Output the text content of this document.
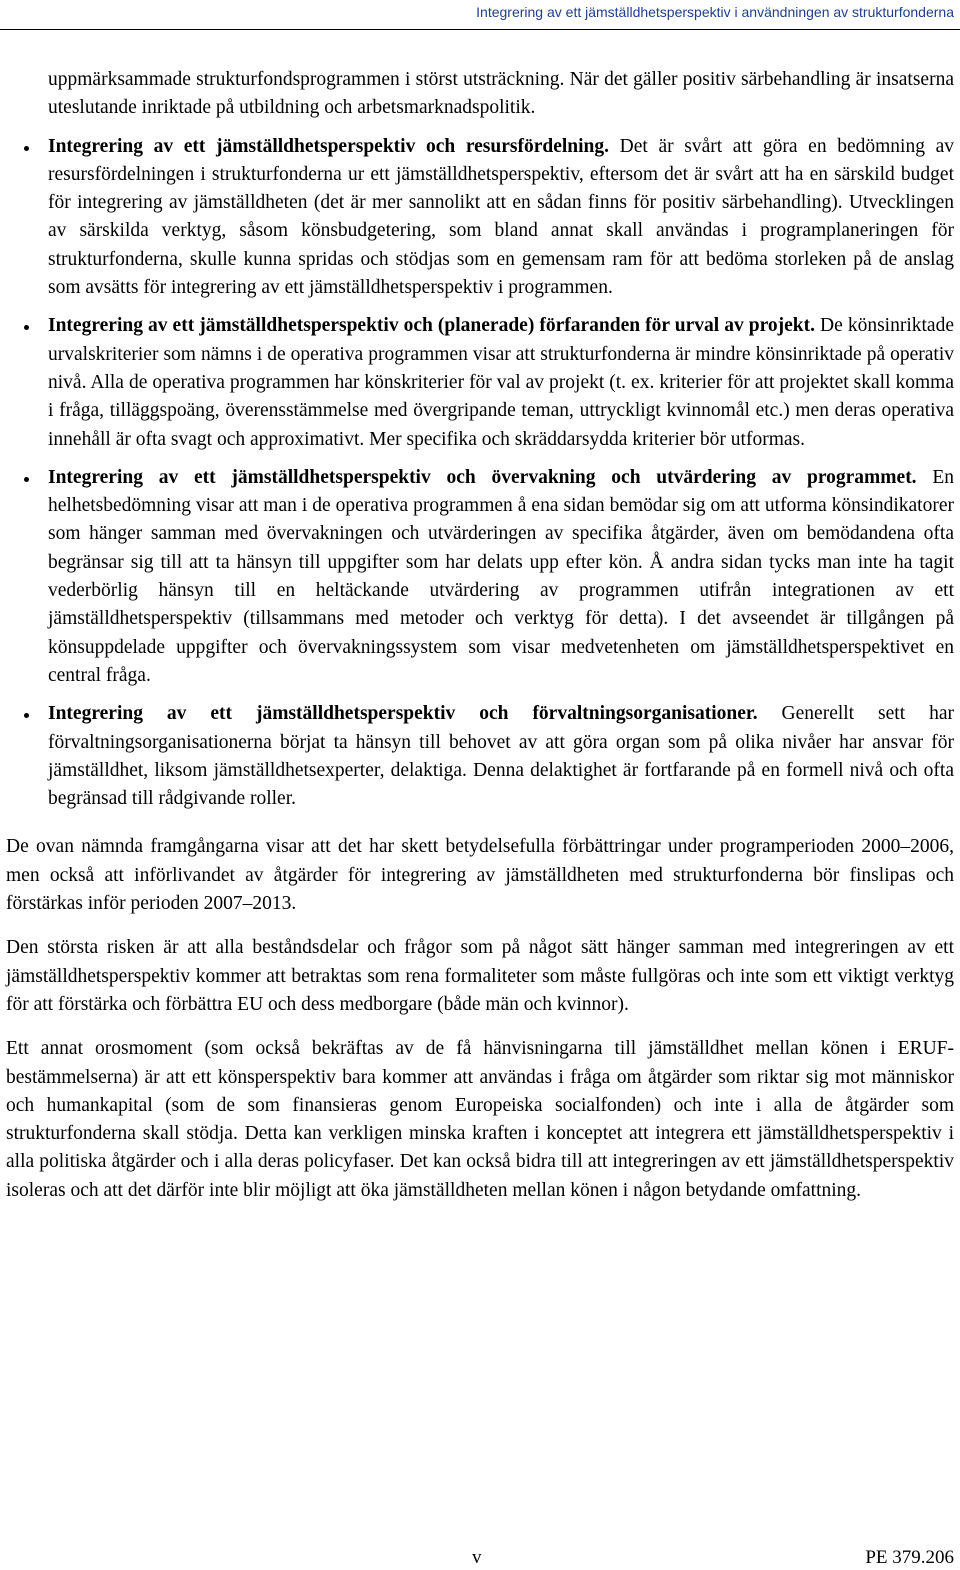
Integrering av ett jämställdhetsperspektiv i användningen av strukturfonderna

uppmärksammade strukturfondsprogrammen i störst utsträckning. När det gäller positiv särbehandling är insatserna uteslutande inriktade på utbildning och arbetsmarknadspolitik.

Integrering av ett jämställdhetsperspektiv och resursfördelning. Det är svårt att göra en bedömning av resursfördelningen i strukturfonderna ur ett jämställdhetsperspektiv, eftersom det är svårt att ha en särskild budget för integrering av jämställdheten (det är mer sannolikt att en sådan finns för positiv särbehandling). Utvecklingen av särskilda verktyg, såsom könsbudgetering, som bland annat skall användas i programplaneringen för strukturfonderna, skulle kunna spridas och stödjas som en gemensam ram för att bedöma storleken på de anslag som avsätts för integrering av ett jämställdhetsperspektiv i programmen.
Integrering av ett jämställdhetsperspektiv och (planerade) förfaranden för urval av projekt. De könsinriktade urvalskriterier som nämns i de operativa programmen visar att strukturfonderna är mindre könsinriktade på operativ nivå. Alla de operativa programmen har könskriterier för val av projekt (t. ex. kriterier för att projektet skall komma i fråga, tilläggspoäng, överensstämmelse med övergripande teman, uttryckligt kvinnomål etc.) men deras operativa innehåll är ofta svagt och approximativt. Mer specifika och skräddarsydda kriterier bör utformas.
Integrering av ett jämställdhetsperspektiv och övervakning och utvärdering av programmet. En helhetsbedömning visar att man i de operativa programmen å ena sidan bemödar sig om att utforma könsindikatorer som hänger samman med övervakningen och utvärderingen av specifika åtgärder, även om bemödandena ofta begränsar sig till att ta hänsyn till uppgifter som har delats upp efter kön. Å andra sidan tycks man inte ha tagit vederbörlig hänsyn till en heltäckande utvärdering av programmen utifrån integrationen av ett jämställdhetsperspektiv (tillsammans med metoder och verktyg för detta). I det avseendet är tillgången på könsuppdelade uppgifter och övervakningssystem som visar medvetenheten om jämställdhetsperspektivet en central fråga.
Integrering av ett jämställdhetsperspektiv och förvaltningsorganisationer. Generellt sett har förvaltningsorganisationerna börjat ta hänsyn till behovet av att göra organ som på olika nivåer har ansvar för jämställdhet, liksom jämställdhetsexperter, delaktiga. Denna delaktighet är fortfarande på en formell nivå och ofta begränsad till rådgivande roller.

De ovan nämnda framgångarna visar att det har skett betydelsefulla förbättringar under programperioden 2000–2006, men också att införlivandet av åtgärder för integrering av jämställdheten med strukturfonderna bör finslipas och förstärkas inför perioden 2007–2013.

Den största risken är att alla beståndsdelar och frågor som på något sätt hänger samman med integreringen av ett jämställdhetsperspektiv kommer att betraktas som rena formaliteter som måste fullgöras och inte som ett viktigt verktyg för att förstärka och förbättra EU och dess medborgare (både män och kvinnor).

Ett annat orosmoment (som också bekräftas av de få hänvisningarna till jämställdhet mellan könen i ERUF-bestämmelserna) är att ett könsperspektiv bara kommer att användas i fråga om åtgärder som riktar sig mot människor och humankapital (som de som finansieras genom Europeiska socialfonden) och inte i alla de åtgärder som strukturfonderna skall stödja. Detta kan verkligen minska kraften i konceptet att integrera ett jämställdhetsperspektiv i alla politiska åtgärder och i alla deras policyfaser. Det kan också bidra till att integreringen av ett jämställdhetsperspektiv isoleras och att det därför inte blir möjligt att öka jämställdheten mellan könen i någon betydande omfattning.

v	PE 379.206
